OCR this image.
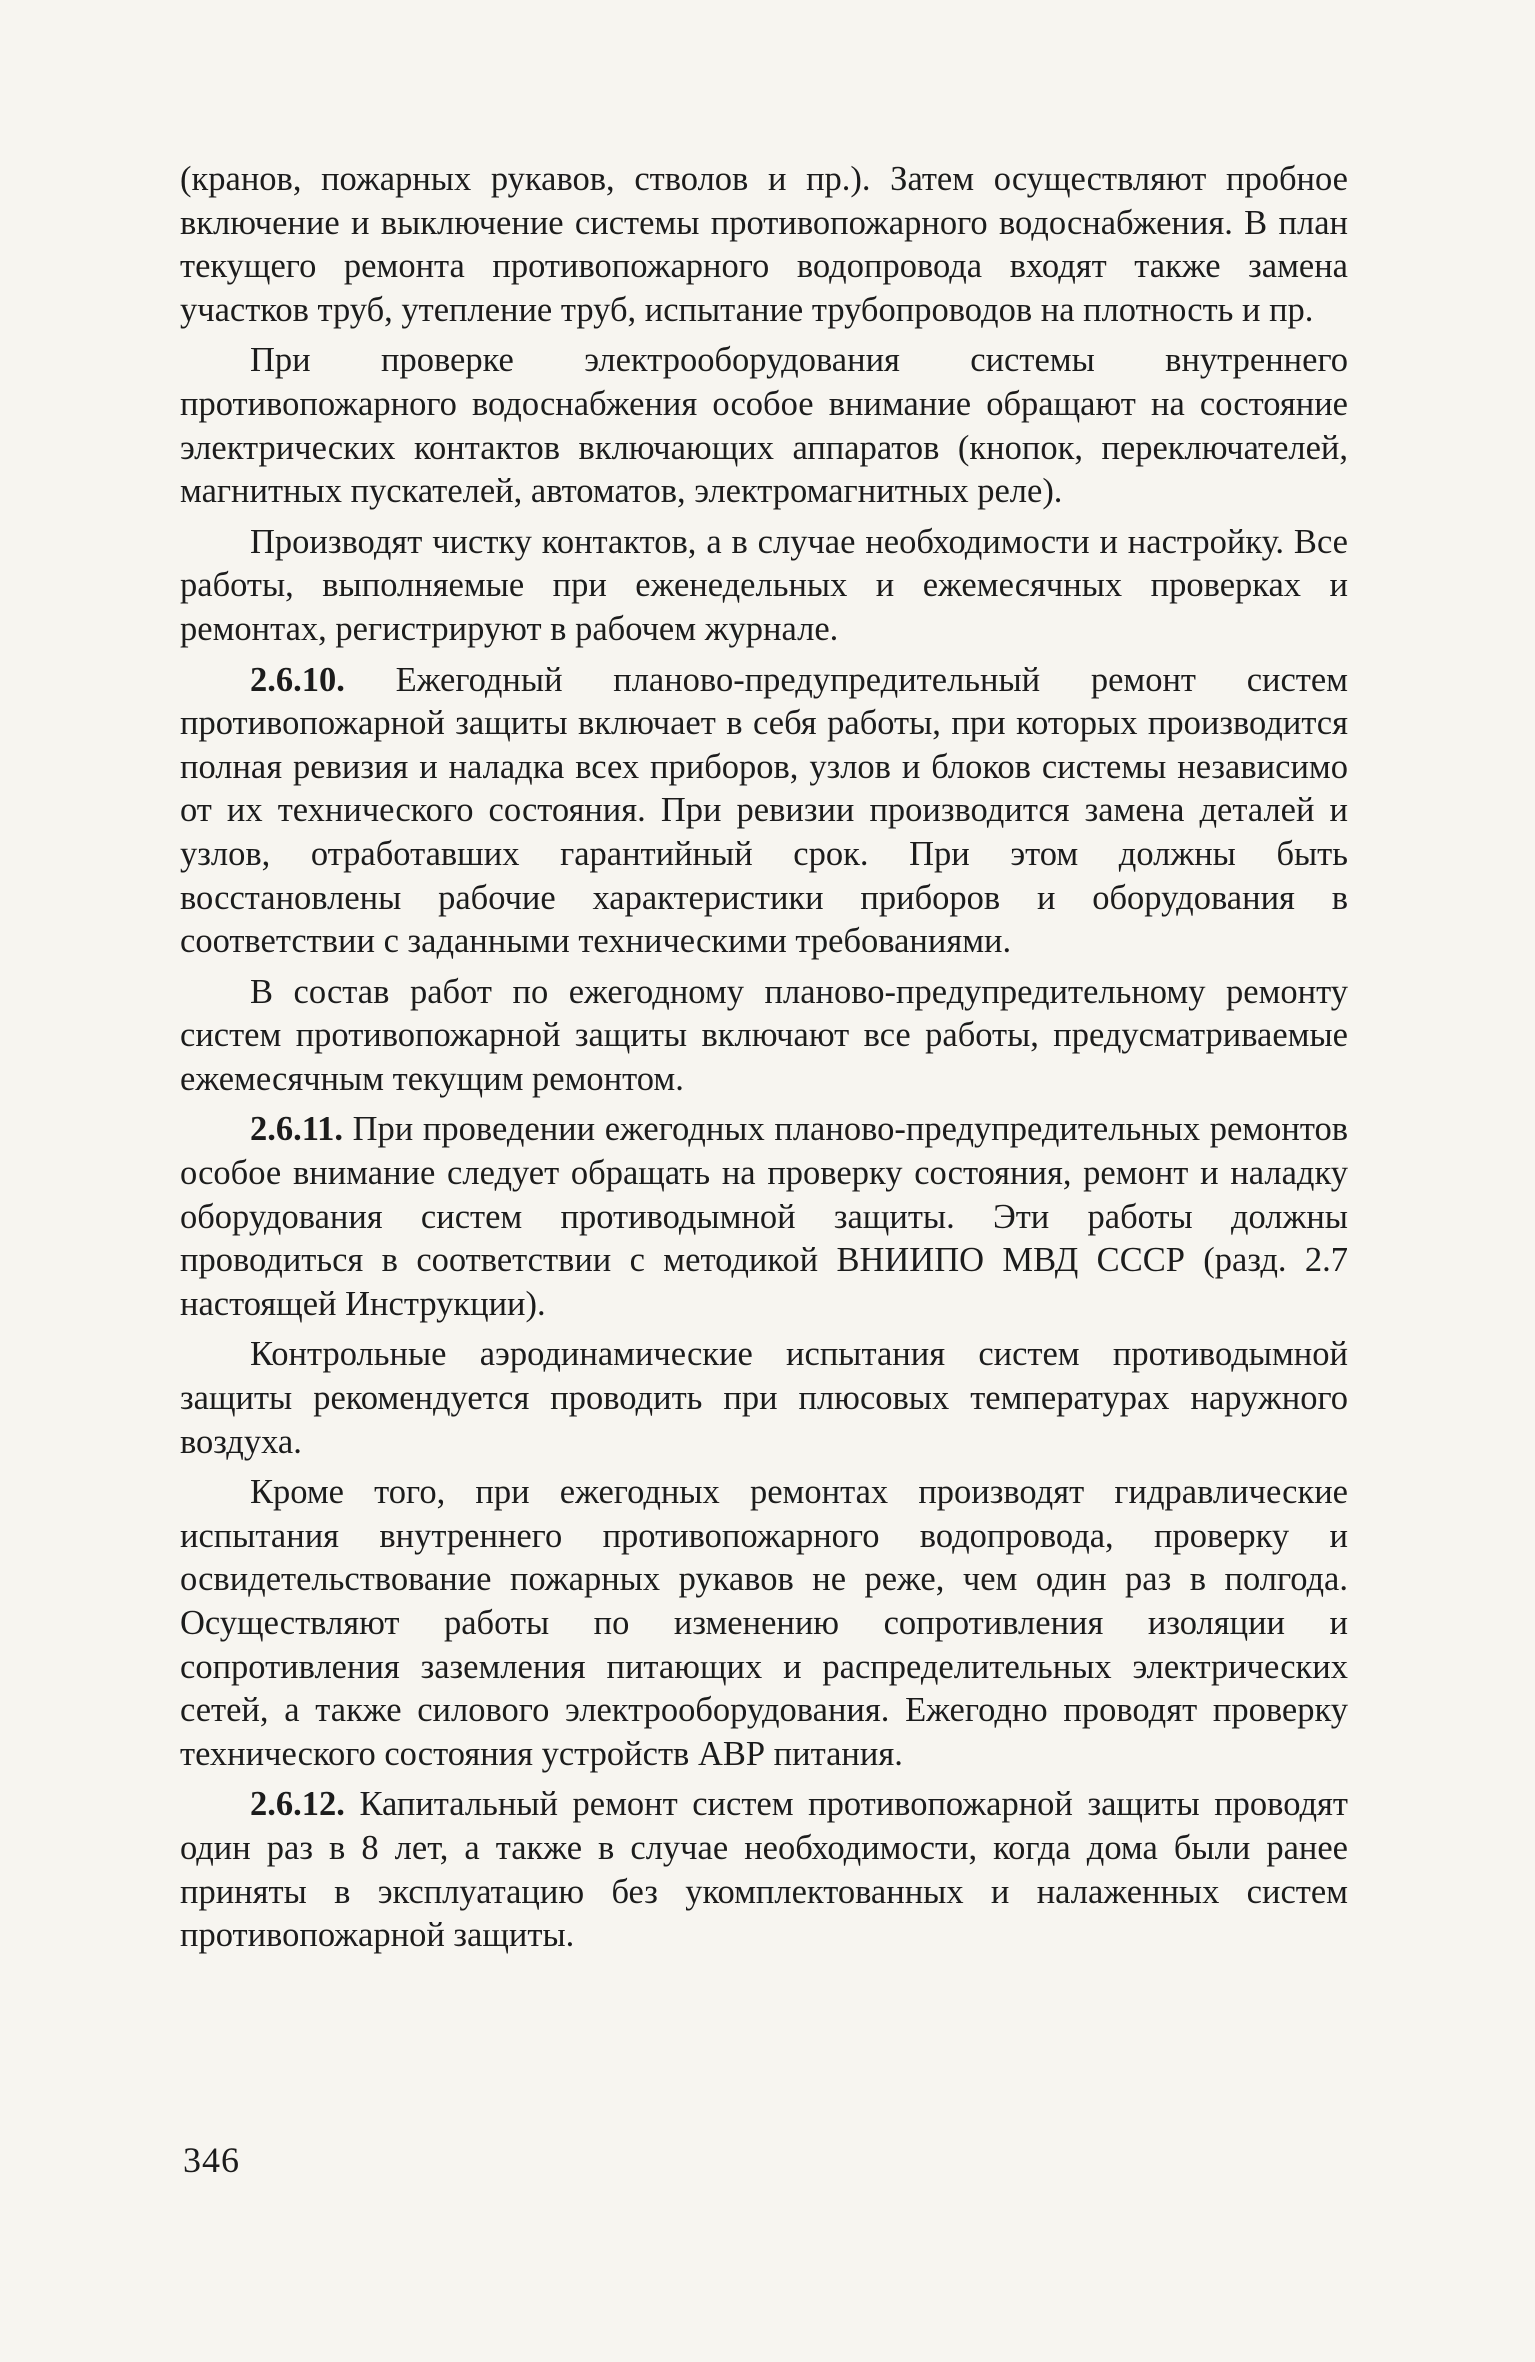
(кранов, пожарных рукавов, стволов и пр.). Затем осуществляют пробное включение и выключение системы противопожарного водоснабжения. В план текущего ремонта противопожарного водопровода входят также замена участков труб, утепление труб, испытание трубопроводов на плотность и пр.

При проверке электрооборудования системы внутреннего противопожарного водоснабжения особое внимание обращают на состояние электрических контактов включающих аппаратов (кнопок, переключателей, магнитных пускателей, автоматов, электромагнитных реле).

Производят чистку контактов, а в случае необходимости и настройку. Все работы, выполняемые при еженедельных и ежемесячных проверках и ремонтах, регистрируют в рабочем журнале.

2.6.10. Ежегодный планово-предупредительный ремонт систем противопожарной защиты включает в себя работы, при которых производится полная ревизия и наладка всех приборов, узлов и блоков системы независимо от их технического состояния. При ревизии производится замена деталей и узлов, отработавших гарантийный срок. При этом должны быть восстановлены рабочие характеристики приборов и оборудования в соответствии с заданными техническими требованиями.

В состав работ по ежегодному планово-предупредительному ремонту систем противопожарной защиты включают все работы, предусматриваемые ежемесячным текущим ремонтом.

2.6.11. При проведении ежегодных планово-предупредительных ремонтов особое внимание следует обращать на проверку состояния, ремонт и наладку оборудования систем противодымной защиты. Эти работы должны проводиться в соответствии с методикой ВНИИПО МВД СССР (разд. 2.7 настоящей Инструкции).

Контрольные аэродинамические испытания систем противодымной защиты рекомендуется проводить при плюсовых температурах наружного воздуха.

Кроме того, при ежегодных ремонтах производят гидравлические испытания внутреннего противопожарного водопровода, проверку и освидетельствование пожарных рукавов не реже, чем один раз в полгода. Осуществляют работы по изменению сопротивления изоляции и сопротивления заземления питающих и распределительных электрических сетей, а также силового электрооборудования. Ежегодно проводят проверку технического состояния устройств АВР питания.

2.6.12. Капитальный ремонт систем противопожарной защиты проводят один раз в 8 лет, а также в случае необходимости, когда дома были ранее приняты в эксплуатацию без укомплектованных и налаженных систем противопожарной защиты.

346
